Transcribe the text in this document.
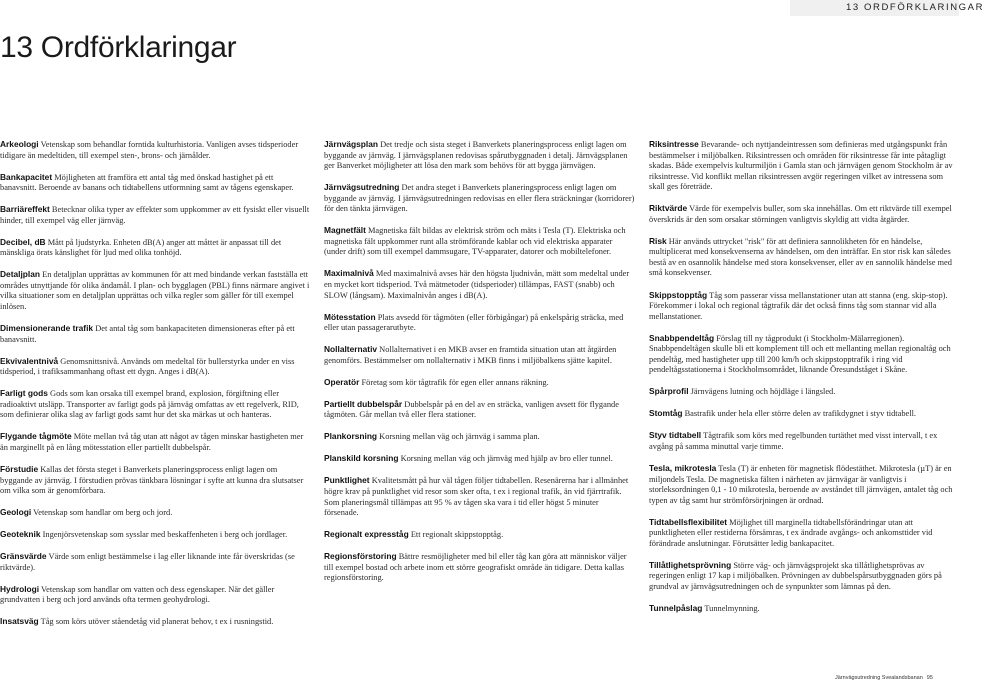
13 ORDFÖRKLARINGAR
13 Ordförklaringar

Arkeologi Vetenskap som behandlar forntida kulturhistoria. Vanligen avses tidsperioder tidigare än medeltiden, till exempel sten-, brons- och järnålder.

Bankapacitet Möjligheten att framföra ett antal tåg med önskad hastighet på ett banavsnitt. Beroende av banans och tidtabellens utformning samt av tågens egenskaper.

Barriäreffekt Betecknar olika typer av effekter som uppkommer av ett fysiskt eller visuellt hinder, till exempel väg eller järnväg.

Decibel, dB Mått på ljudstyrka. Enheten dB(A) anger att måttet är anpassat till det mänskliga örats känslighet för ljud med olika tonhöjd.

Detaljplan En detaljplan upprättas av kommunen för att med bindande verkan fastställa ett områdes utnyttjande för olika ändamål. I plan- och bygglagen (PBL) finns närmare angivet i vilka situationer som en detaljplan upprättas och vilka regler som gäller för till exempel inlösen.

Dimensionerande trafik Det antal tåg som bankapaciteten dimensioneras efter på ett banavsnitt.

Ekvivalentnivå Genomsnittsnivå. Används om medeltal för bullerstyrka under en viss tidsperiod, i trafiksammanhang oftast ett dygn. Anges i dB(A).

Farligt gods Gods som kan orsaka till exempel brand, explosion, förgiftning eller radioaktivt utsläpp. Transporter av farligt gods på järnväg omfattas av ett regelverk, RID, som definierar olika slag av farligt gods samt hur det ska märkas ut och hanteras.

Flygande tågmöte Möte mellan två tåg utan att något av tågen minskar hastigheten mer än marginellt på en lång mötesstation eller partiellt dubbelspår.

Förstudie Kallas det första steget i Banverkets planeringsprocess enligt lagen om byggande av järnväg. I förstudien prövas tänkbara lösningar i syfte att kunna dra slutsatser om vilka som är genomförbara.

Geologi Vetenskap som handlar om berg och jord.

Geoteknik Ingenjörsvetenskap som sysslar med beskaffenheten i berg och jordlager.

Gränsvärde Värde som enligt bestämmelse i lag eller liknande inte får överskridas (se riktvärde).

Hydrologi Vetenskap som handlar om vatten och dess egenskaper. När det gäller grundvatten i berg och jord används ofta termen geohydrologi.

Insatsväg Tåg som körs utöver ståendetåg vid planerat behov, t ex i rusningstid.

Järnvägsplan Det tredje och sista steget i Banverkets planeringsprocess enligt lagen om byggande av järnväg. I järnvägsplanen redovisas spårutbyggnaden i detalj. Järnvägsplanen ger Banverket möjligheter att lösa den mark som behövs för att bygga järnvägen.

Järnvägsutredning Det andra steget i Banverkets planeringsprocess enligt lagen om byggande av järnväg. I järnvägsutredningen redovisas en eller flera sträckningar (korridorer) för den tänkta järnvägen.

Magnetfält Magnetiska fält bildas av elektrisk ström och mäts i Tesla (T). Elektriska och magnetiska fält uppkommer runt alla strömförande kablar och vid elektriska apparater (under drift) som till exempel dammsugare, TV-apparater, datorer och mobiltelefoner.

Maximalnivå Med maximalnivå avses här den högsta ljudnivån, mätt som medeltal under en mycket kort tidsperiod. Två mätmetoder (tidsperioder) tillämpas, FAST (snabb) och SLOW (långsam). Maximalnivån anges i dB(A).

Mötesstation Plats avsedd för tågmöten (eller förbigångar) på enkelspårig sträcka, med eller utan passagerarutbyte.

Nollalternativ Nollalternativet i en MKB avser en framtida situation utan att åtgärden genomförs. Bestämmelser om nollalternativ i MKB finns i miljöbalkens sjätte kapitel.

Operatör Företag som kör tågtrafik för egen eller annans räkning.

Partiellt dubbelspår Dubbelspår på en del av en sträcka, vanligen avsett för flygande tågmöten. Går mellan två eller flera stationer.

Plankorsning Korsning mellan väg och järnväg i samma plan.

Planskild korsning Korsning mellan väg och järnväg med hjälp av bro eller tunnel.

Punktlighet Kvalitetsmått på hur väl tågen följer tidtabellen. Resenärerna har i allmänhet högre krav på punktlighet vid resor som sker ofta, t ex i regional trafik, än vid fjärrtrafik. Som planeringsmål tillämpas att 95 % av tågen ska vara i tid eller högst 5 minuter försenade.

Regionalt expresståg Ett regionalt skippstopptåg.

Regionsförstoring Bättre resmöjligheter med bil eller tåg kan göra att människor väljer till exempel bostad och arbete inom ett större geografiskt område än tidigare. Detta kallas regionsförstoring.

Riksintresse Bevarande- och nyttjandeintressen som definieras med utgångspunkt från bestämmelser i miljöbalken. Riksintressen och områden för riksintresse får inte påtagligt skadas. Både exempelvis kulturmiljön i Gamla stan och järnvägen genom Stockholm är av riksintresse. Vid konflikt mellan riksintressen avgör regeringen vilket av intressena som skall ges företräde.

Riktvärde Värde för exempelvis buller, som ska innehållas. Om ett riktvärde till exempel överskrids är den som orsakar störningen vanligtvis skyldig att vidta åtgärder.

Risk Här används uttrycket "risk" för att definiera sannolikheten för en händelse, multiplicerat med konsekvenserna av händelsen, om den inträffar. En stor risk kan således bestå av en osannolik händelse med stora konsekvenser, eller av en sannolik händelse med små konsekvenser.

Skippstopptåg Tåg som passerar vissa mellanstationer utan att stanna (eng. skip-stop). Förekommer i lokal och regional tågtrafik där det också finns tåg som stannar vid alla mellanstationer.

Snabbpendeltåg Förslag till ny tågprodukt (i Stockholm-Mälarregionen). Snabbpendeltågen skulle bli ett komplement till och ett mellanting mellan regionaltåg och pendeltåg, med hastigheter upp till 200 km/h och skippstopptrafik i ring vid pendeltågsstationerna i Stockholmsområdet, liknande Öresundståget i Skåne.

Spårprofil Järnvägens lutning och höjdläge i längsled.

Stomtåg Bastrafik under hela eller större delen av trafikdygnet i styv tidtabell.

Styv tidtabell Tågtrafik som körs med regelbunden turtäthet med visst intervall, t ex avgång på samma minuttal varje timme.

Tesla, mikrotesla Tesla (T) är enheten för magnetisk flödestäthet. Mikrotesla (µT) är en miljondels Tesla. De magnetiska fälten i närheten av järnvägar är vanligtvis i storleksordningen 0,1 - 10 mikrotesla, beroende av avståndet till järnvägen, antalet tåg och typen av tåg samt hur strömförsörjningen är ordnad.

Tidtabellsflexibilitet Möjlighet till marginella tidtabellsförändringar utan att punktligheten eller restiderna försämras, t ex ändrade avgångs- och ankomsttider vid förändrade anslutningar. Förutsätter ledig bankapacitet.

Tillåtlighetsprövning Större väg- och järnvägsprojekt ska tillåtlighetsprövas av regeringen enligt 17 kap i miljöbalken. Prövningen av dubbelspårsutbyggnaden görs på grundval av järnvägsutredningen och de synpunkter som lämnas på den.

Tunnelpåslag Tunnelmynning.

Järnvägsutredning Svealandsbanan 95
